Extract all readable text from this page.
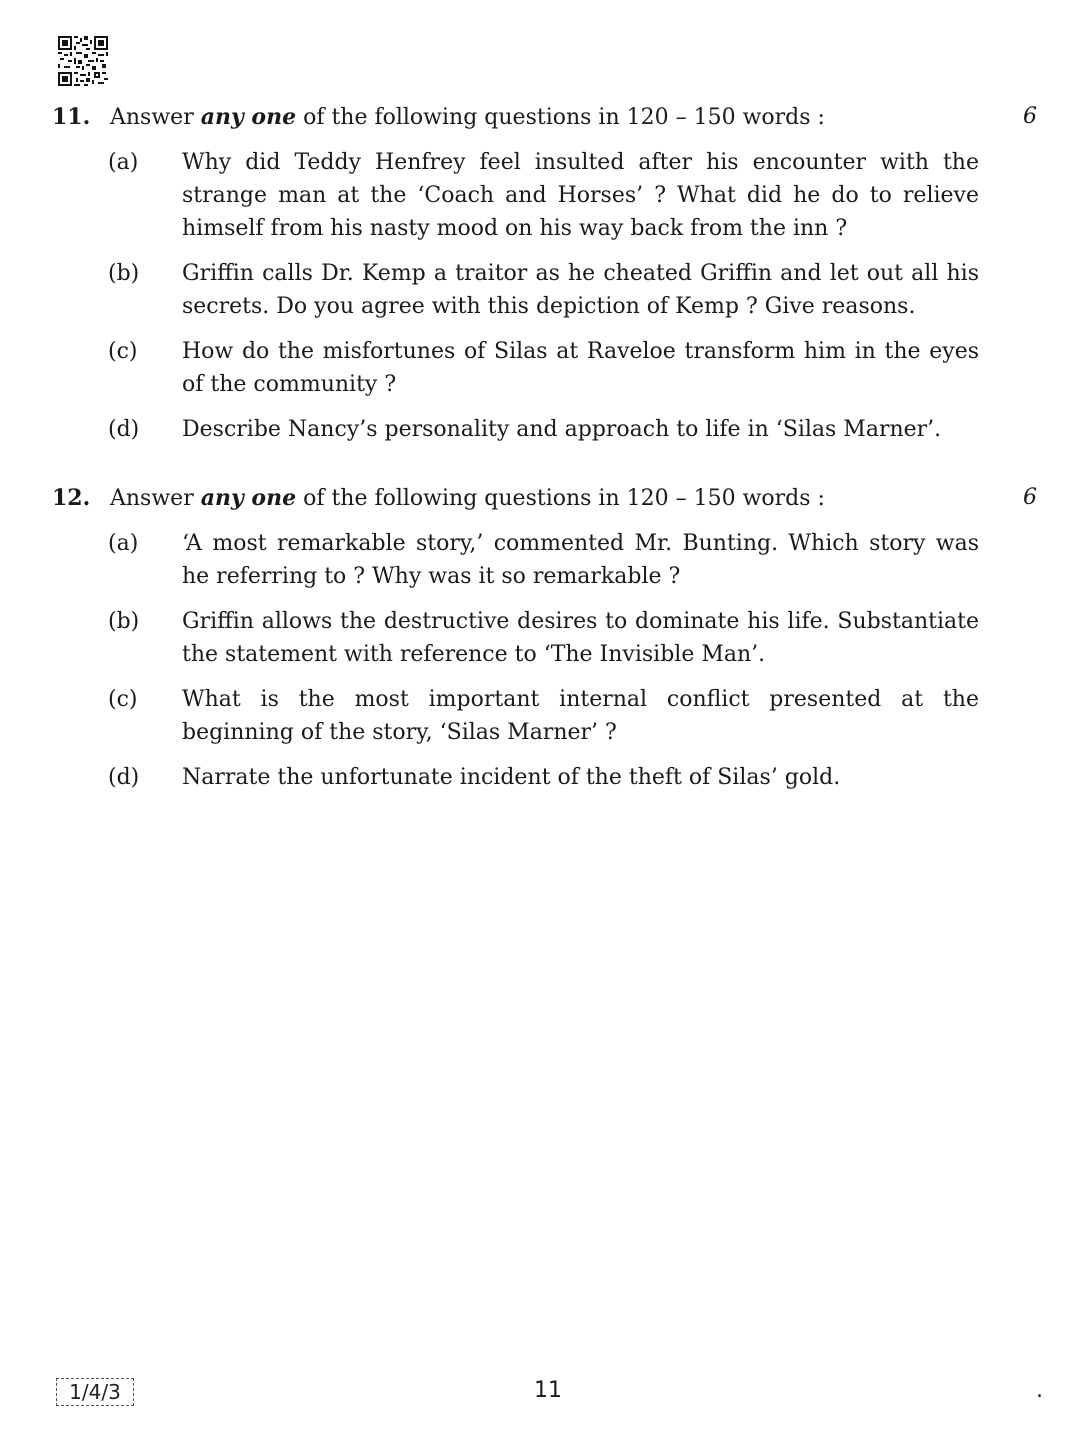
11. Answer any one of the following questions in 120 – 150 words :	6
(a) Why did Teddy Henfrey feel insulted after his encounter with the strange man at the ‘Coach and Horses’ ? What did he do to relieve himself from his nasty mood on his way back from the inn ?
(b) Griffin calls Dr. Kemp a traitor as he cheated Griffin and let out all his secrets. Do you agree with this depiction of Kemp ? Give reasons.
(c) How do the misfortunes of Silas at Raveloe transform him in the eyes of the community ?
(d) Describe Nancy’s personality and approach to life in ‘Silas Marner’.
12. Answer any one of the following questions in 120 – 150 words :	6
(a) ‘A most remarkable story,’ commented Mr. Bunting. Which story was he referring to ? Why was it so remarkable ?
(b) Griffin allows the destructive desires to dominate his life. Substantiate the statement with reference to ‘The Invisible Man’.
(c) What is the most important internal conflict presented at the beginning of the story, ‘Silas Marner’ ?
(d) Narrate the unfortunate incident of the theft of Silas’ gold.
1/4/3	11	.
